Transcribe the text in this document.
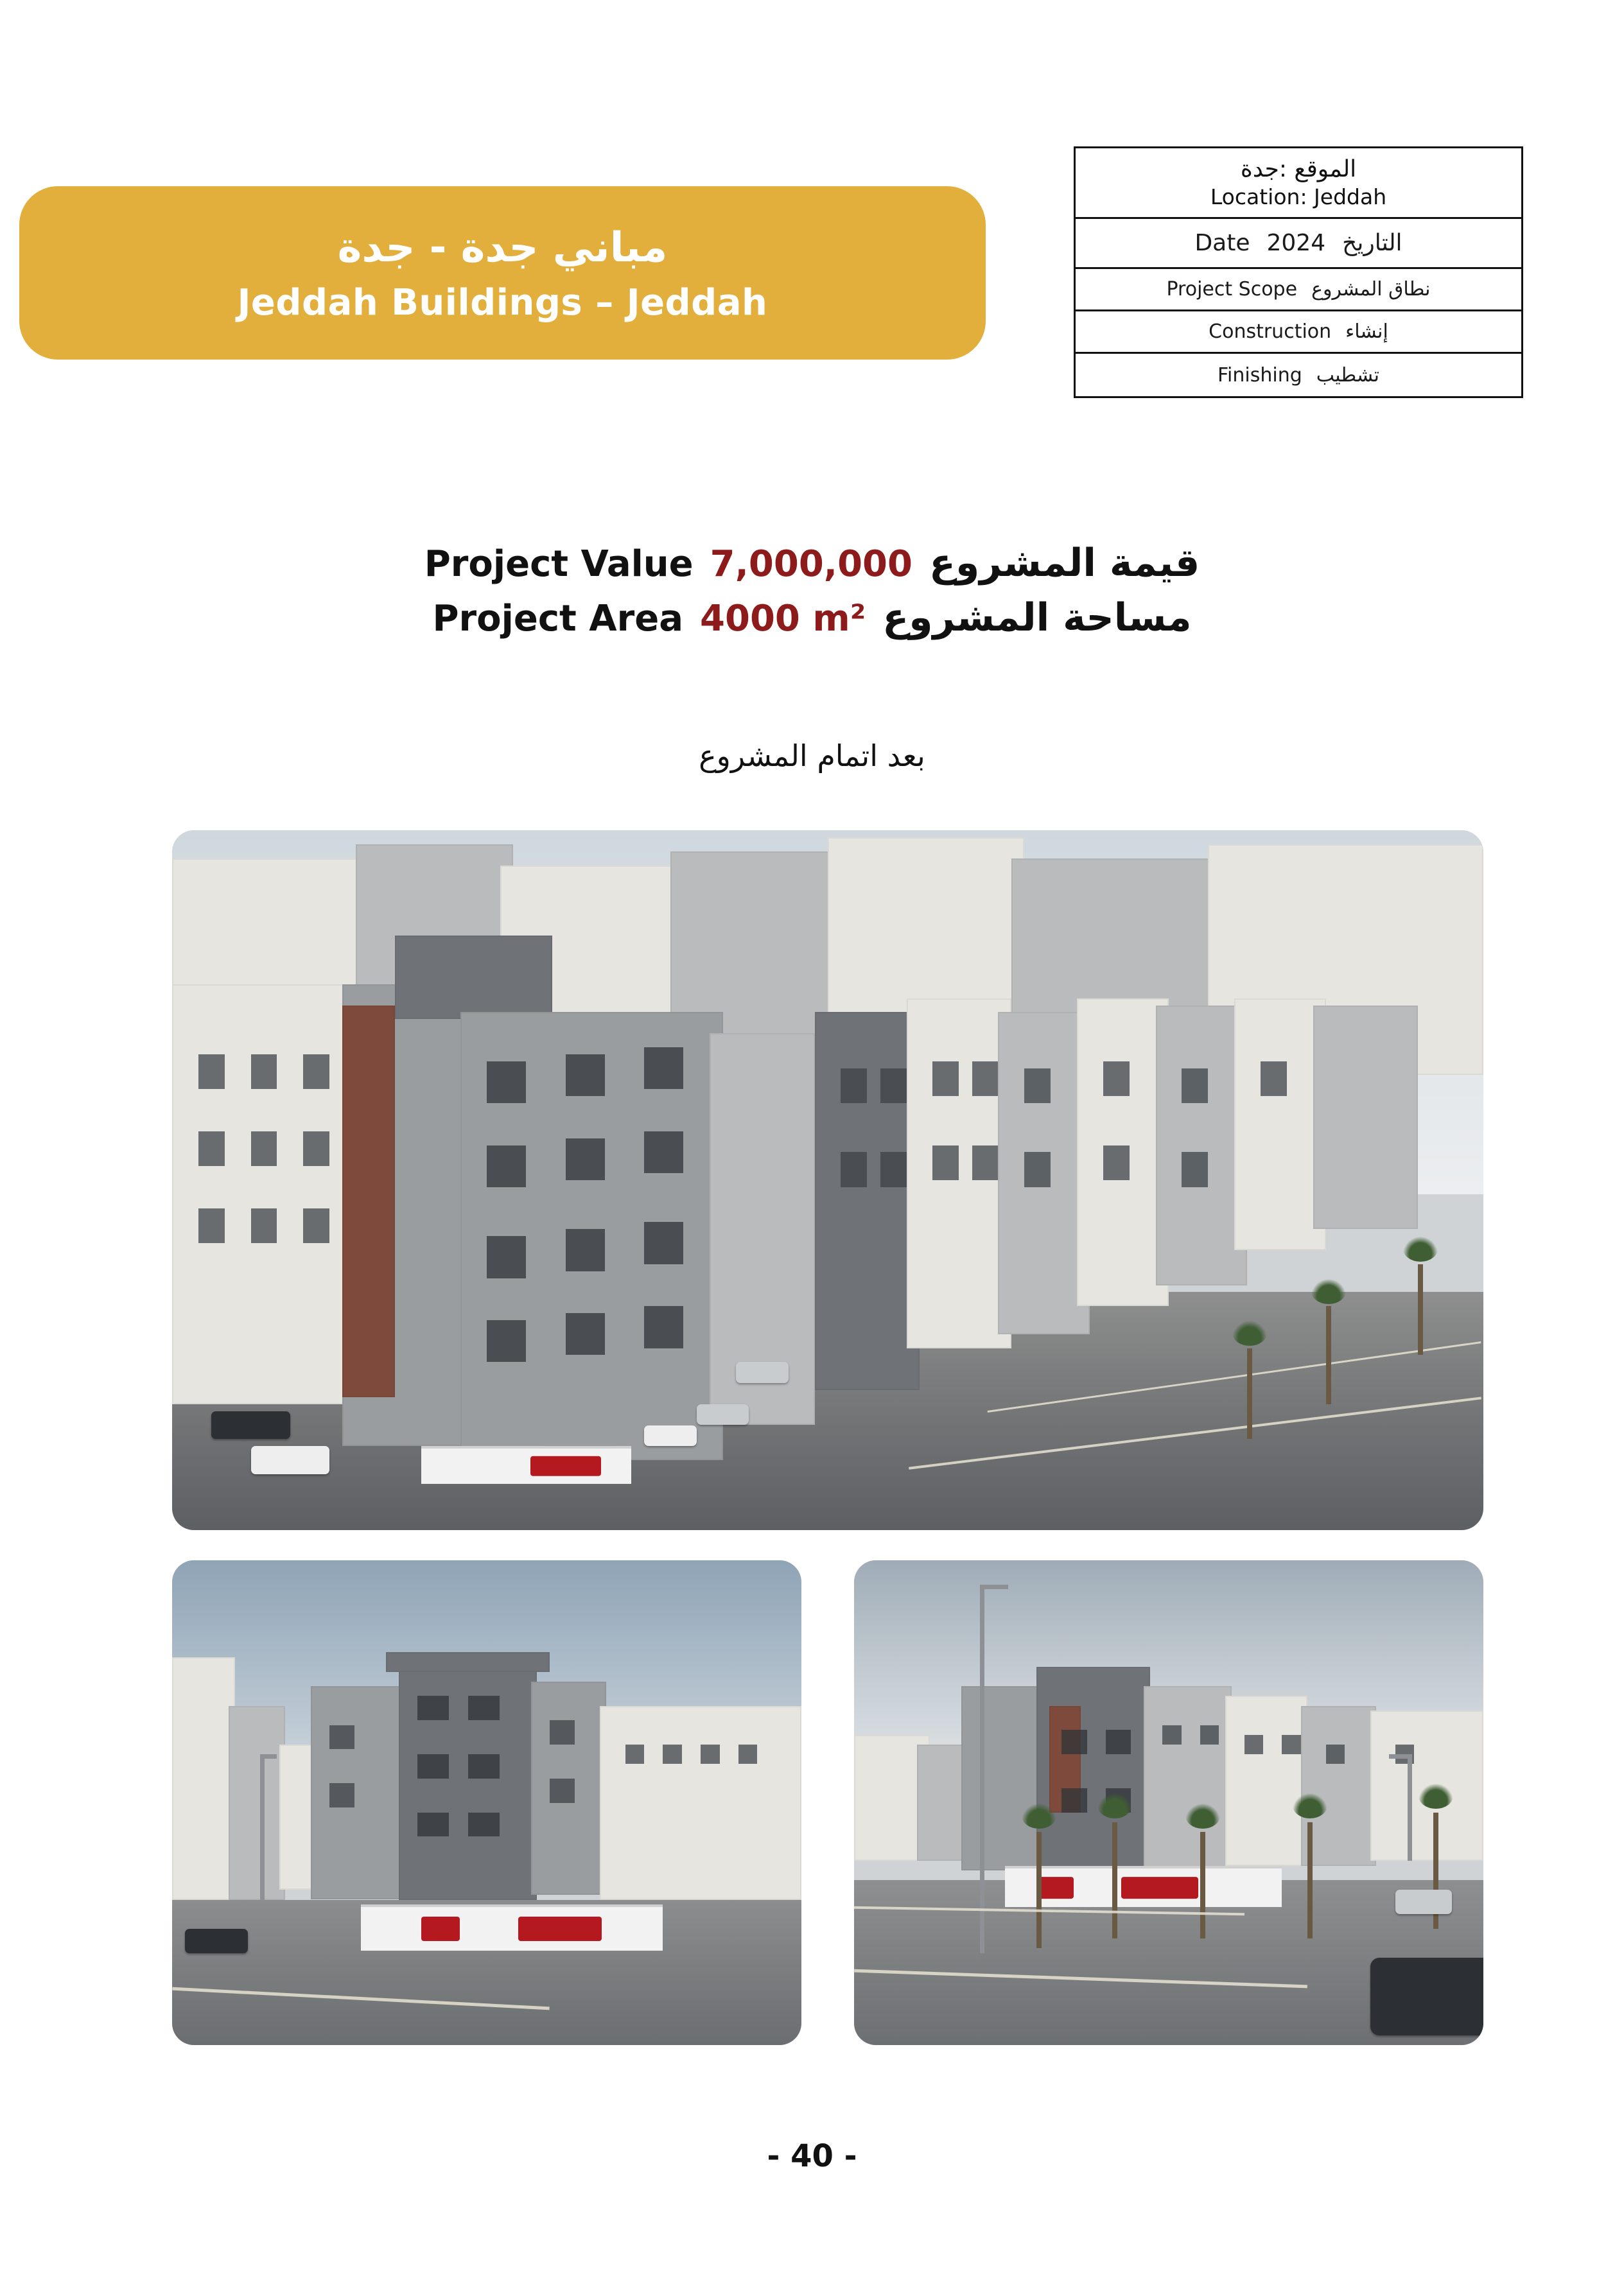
مباني جدة - جدة
Jeddah Buildings – Jeddah
الموقع :جدة
Location: Jeddah
Date 2024 التاريخ
Project Scope نطاق المشروع
Construction إنشاء
Finishing تشطيب
Project Value 7,000,000 قيمة المشروع
Project Area 4000 m² مساحة المشروع
بعد اتمام المشروع
- 40 -
